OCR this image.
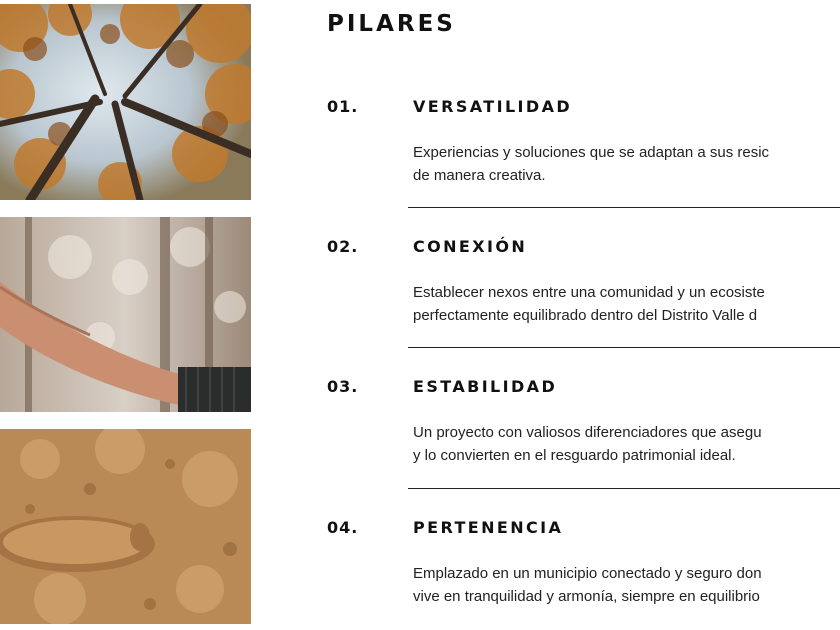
PILARES
01.	VERSATILIDAD
Experiencias y soluciones que se adaptan a sus resic
de manera creativa.
02.	CONEXIÓN
Establecer nexos entre una comunidad y un ecosiste
perfectamente equilibrado dentro del Distrito Valle d
03.	ESTABILIDAD
Un proyecto con valiosos diferenciadores que asegu
y lo convierten en el resguardo patrimonial ideal.
04.	PERTENENCIA
Emplazado en un municipio conectado y seguro don
vive en tranquilidad y armonía, siempre en equilibrio
